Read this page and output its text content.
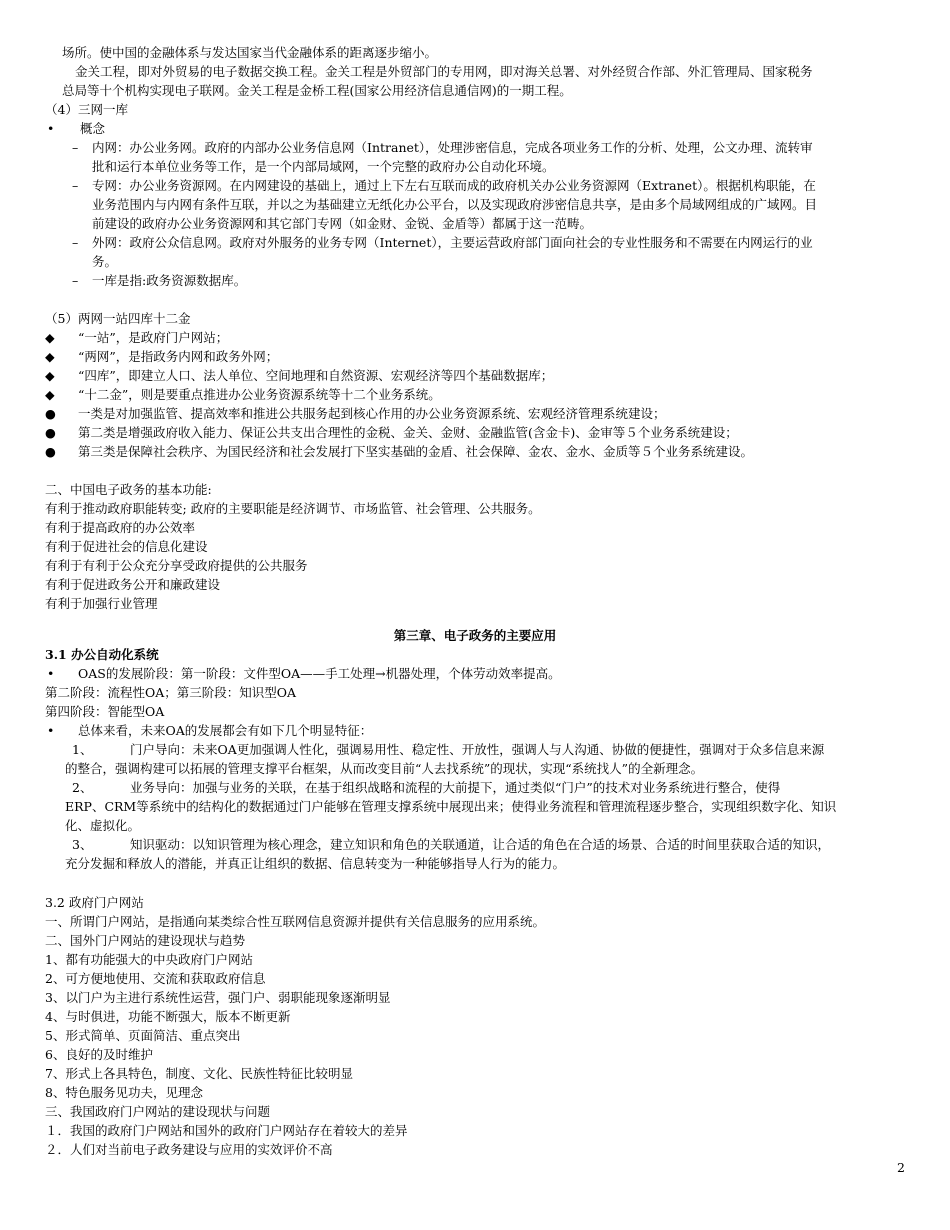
场所。使中国的金融体系与发达国家当代金融体系的距离逐步缩小。
金关工程，即对外贸易的电子数据交换工程。金关工程是外贸部门的专用网，即对海关总署、对外经贸合作部、外汇管理局、国家税务
总局等十个机构实现电子联网。金关工程是金桥工程(国家公用经济信息通信网)的一期工程。
（4）三网一库
• 概念
– 内网：办公业务网。政府的内部办公业务信息网（Intranet），处理涉密信息，完成各项业务工作的分析、处理，公文办理、流转审
批和运行本单位业务等工作，是一个内部局域网，一个完整的政府办公自动化环境。
– 专网：办公业务资源网。在内网建设的基础上，通过上下左右互联而成的政府机关办公业务资源网（Extranet）。根据机构职能，在
业务范围内与内网有条件互联，并以之为基础建立无纸化办公平台，以及实现政府涉密信息共享，是由多个局域网组成的广域网。目
前建设的政府办公业务资源网和其它部门专网（如金财、金锐、金盾等）都属于这一范畴。
– 外网：政府公众信息网。政府对外服务的业务专网（Internet），主要运营政府部门面向社会的专业性服务和不需要在内网运行的业
务。
– 一库是指:政务资源数据库。
（5）两网一站四库十二金
◆ “一站”，是政府门户网站；
◆ “两网”，是指政务内网和政务外网；
◆ “四库”，即建立人口、法人单位、空间地理和自然资源、宏观经济等四个基础数据库；
◆ “十二金”，则是要重点推进办公业务资源系统等十二个业务系统。
● 一类是对加强监管、提高效率和推进公共服务起到核心作用的办公业务资源系统、宏观经济管理系统建设；
● 第二类是增强政府收入能力、保证公共支出合理性的金税、金关、金财、金融监管(含金卡)、金审等５个业务系统建设；
● 第三类是保障社会秩序、为国民经济和社会发展打下坚实基础的金盾、社会保障、金农、金水、金质等５个业务系统建设。
二、中国电子政务的基本功能:
有利于推动政府职能转变; 政府的主要职能是经济调节、市场监管、社会管理、公共服务。
有利于提高政府的办公效率
有利于促进社会的信息化建设
有利于有利于公众充分享受政府提供的公共服务
有利于促进政务公开和廉政建设
有利于加强行业管理
第三章、电子政务的主要应用
3.1 办公自动化系统
• OAS的发展阶段：第一阶段：文件型OA——手工处理→机器处理，个体劳动效率提高。
第二阶段：流程性OA；第三阶段：知识型OA
第四阶段：智能型OA
• 总体来看，未来OA的发展都会有如下几个明显特征：
1、	门户导向：未来OA更加强调人性化，强调易用性、稳定性、开放性，强调人与人沟通、协做的便捷性，强调对于众多信息来源
的整合，强调构建可以拓展的管理支撑平台框架，从而改变目前“人去找系统”的现状，实现“系统找人”的全新理念。
2、	业务导向：加强与业务的关联，在基于组织战略和流程的大前提下，通过类似“门户”的技术对业务系统进行整合，使得
ERP、CRM等系统中的结构化的数据通过门户能够在管理支撑系统中展现出来；使得业务流程和管理流程逐步整合，实现组织数字化、知识
化、虚拟化。
3、	知识驱动：以知识管理为核心理念，建立知识和角色的关联通道，让合适的角色在合适的场景、合适的时间里获取合适的知识，
充分发掘和释放人的潜能，并真正让组织的数据、信息转变为一种能够指导人行为的能力。
3.2 政府门户网站
一、所谓门户网站，是指通向某类综合性互联网信息资源并提供有关信息服务的应用系统。
二、国外门户网站的建设现状与趋势
1、都有功能强大的中央政府门户网站
2、可方便地使用、交流和获取政府信息
3、以门户为主进行系统性运营，强门户、弱职能现象逐渐明显
4、与时俱进，功能不断强大，版本不断更新
5、形式简单、页面简洁、重点突出
6、良好的及时维护
7、形式上各具特色，制度、文化、民族性特征比较明显
8、特色服务见功夫，见理念
三、我国政府门户网站的建设现状与问题
１．我国的政府门户网站和国外的政府门户网站存在着较大的差异
２．人们对当前电子政务建设与应用的实效评价不高
2
